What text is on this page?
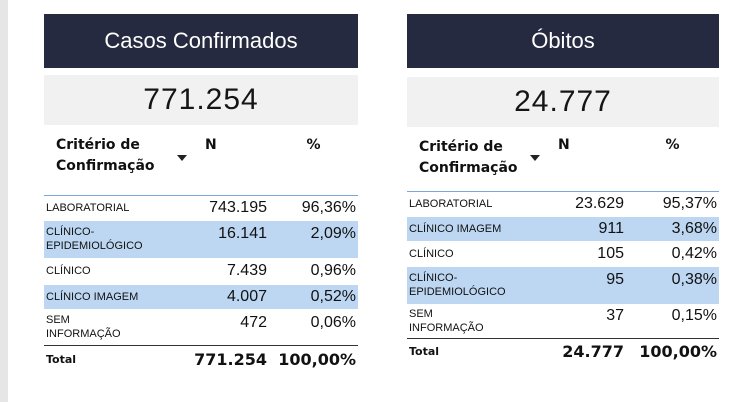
Casos Confirmados
771.254
Critério de
Confirmação	N	%

LABORATORIAL	743.195	96,36%

CLÍNICO-
EPIDEMIOLÓGICO	16.141	2,09%
CLÍNICO	7.439	0,96%
CLÍNICO IMAGEM	4.007	0,52%

SEM
INFORMAÇÃO	472	0,06%
Total	771.254	100,00%
Óbitos
24.777
Critério de
Confirmação	N	%

LABORATORIAL	23.629	95,37%
CLÍNICO IMAGEM	911	3,68%
CLÍNICO	105	0,42%

CLÍNICO-
EPIDEMIOLÓGICO	95	0,38%

SEM
INFORMAÇÃO	37	0,15%
Total	24.777	100,00%
